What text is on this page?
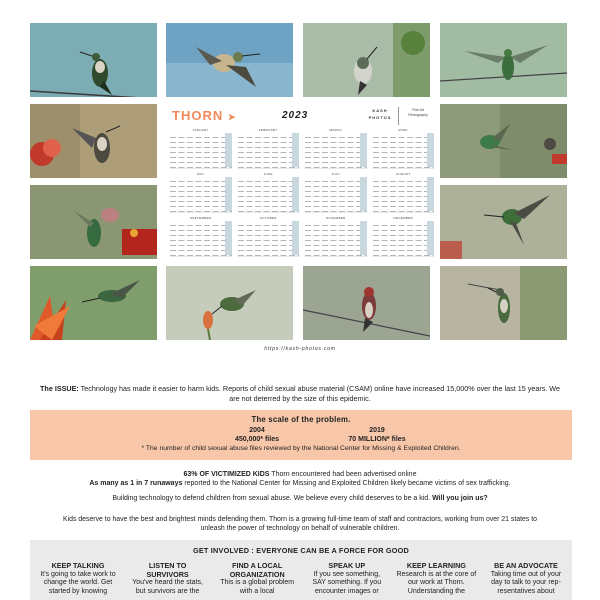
THORN ➤	2023	KASH PHOTOS
Fine Art Photography
JANUARY	FEBRUARY	MARCH	APRIL
MAY	JUNE	JULY	AUGUST
SEPTEMBER	OCTOBER	NOVEMBER	DECEMBER
https://kash-photos.com
The ISSUE: Technology has made it easier to harm kids. Reports of child sexual abuse material (CSAM) online have increased 15,000% over the last 15 years. We are not deterred by the size of this epidemic.
The scale of the problem.
2004
450,000* files
2019
70 MILLION* files
* The number of child sexual abuse files reviewed by the National Center for Missing & Exploited Children.
63% OF VICTIMIZED KIDS Thorn encountered had been advertised online
As many as 1 in 7 runaways reported to the National Center for Missing and Exploited Children likely became victims of sex trafficking.
Building technology to defend children from sexual abuse. We believe every child deserves to be a kid. Will you join us?
Kids deserve to have the best and brightest minds defending them. Thorn is a growing full-time team of staff and contractors, working from over 21 states to unleash the power of technology on behalf of vulnerable children.
GET INVOLVED : EVERYONE CAN BE A FORCE FOR GOOD
KEEP TALKING
It's going to take work to change the world. Get started by knowing
LISTEN TO SURVIVORS
You've heard the stats, but survivors are the
FIND A LOCAL ORGANIZATION
This is a global problem with a local
SPEAK UP
If you see something, SAY something. If you encounter images or
KEEP LEARNING
Research is at the core of our work at Thorn. Understanding the
BE AN ADVOCATE
Taking time out of your day to talk to your rep-resentatives about
